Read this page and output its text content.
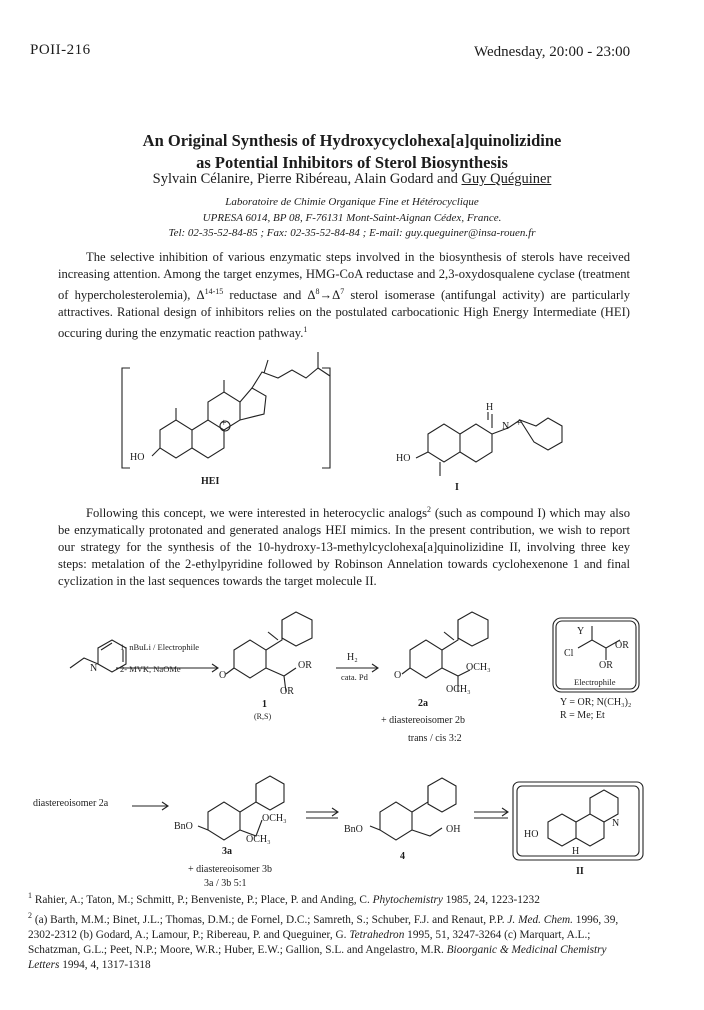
POII-216	Wednesday, 20:00 - 23:00
An Original Synthesis of Hydroxycyclohexa[a]quinolizidine
as Potential Inhibitors of Sterol Biosynthesis
Sylvain Célanire, Pierre Ribéreau, Alain Godard and Guy Quéguiner
Laboratoire de Chimie Organique Fine et Hétérocyclique
UPRESA 6014, BP 08, F-76131 Mont-Saint-Aignan Cédex, France.
Tel: 02-35-52-84-85 ; Fax: 02-35-52-84-84 ; E-mail: guy.queguiner@insa-rouen.fr
The selective inhibition of various enzymatic steps involved in the biosynthesis of sterols have received increasing attention. Among the target enzymes, HMG-CoA reductase and 2,3-oxydosqualene cyclase (treatment of hypercholesterolemia), $\Delta^{14-15}$ reductase and $\Delta^8\to\Delta^7$ sterol isomerase (antifungal activity) are particularly attractives. Rational design of inhibitors relies on the postulated carbocationic High Energy Intermediate (HEI) occuring during the enzymatic reaction pathway.$^1$
Following this concept, we were interested in heterocyclic analogs$^2$ (such as compound I) which may also be enzymatically protonated and generated analogs HEI mimics. In the present contribution, we wish to report our strategy for the synthesis of the 10-hydroxy-13-methylcyclohexa[a]quinolizidine II, involving three key steps: metalation of the 2-ethylpyridine followed by Robinson Annelation towards cyclohexenone 1 and final cyclization in the last sequences towards the target molecule II.
HO
+
HEI
HO
H
N +
I
N
1- nBuLi / Electrophile
2- MVK, NaOMe
O
OR
OR
1
(R,S)
H₂
cata. Pd	O
OCH₃
OCH₃
2a
+ diastereoisomer 2b
trans / cis 3:2
Y
OR
OR
Cl
Electrophile
Y = OR; N(CH₃)₂
R = Me; Et
diastereoisomer 2a
BnO
OCH₃
OCH₃
3a
+ diastereoisomer 3b
3a / 3b 5:1
BnO	OH
4
HO
H
N
II

$^1$ Rahier, A.; Taton, M.; Schmitt, P.; Benveniste, P.; Place, P. and Anding, C. Phytochemistry 1985, 24, 1223-1232

$^2$ (a) Barth, M.M.; Binet, J.L.; Thomas, D.M.; de Fornel, D.C.; Samreth, S.; Schuber, F.J. and Renaut, P.P. J. Med. Chem. 1996, 39, 2302-2312 (b) Godard, A.; Lamour, P.; Ribereau, P. and Queguiner, G. Tetrahedron 1995, 51, 3247-3264 (c) Marquart, A.L.; Schatzman, G.L.; Peet, N.P.; Moore, W.R.; Huber, E.W.; Gallion, S.L. and Angelastro, M.R. Bioorganic & Medicinal Chemistry Letters 1994, 4, 1317-1318
